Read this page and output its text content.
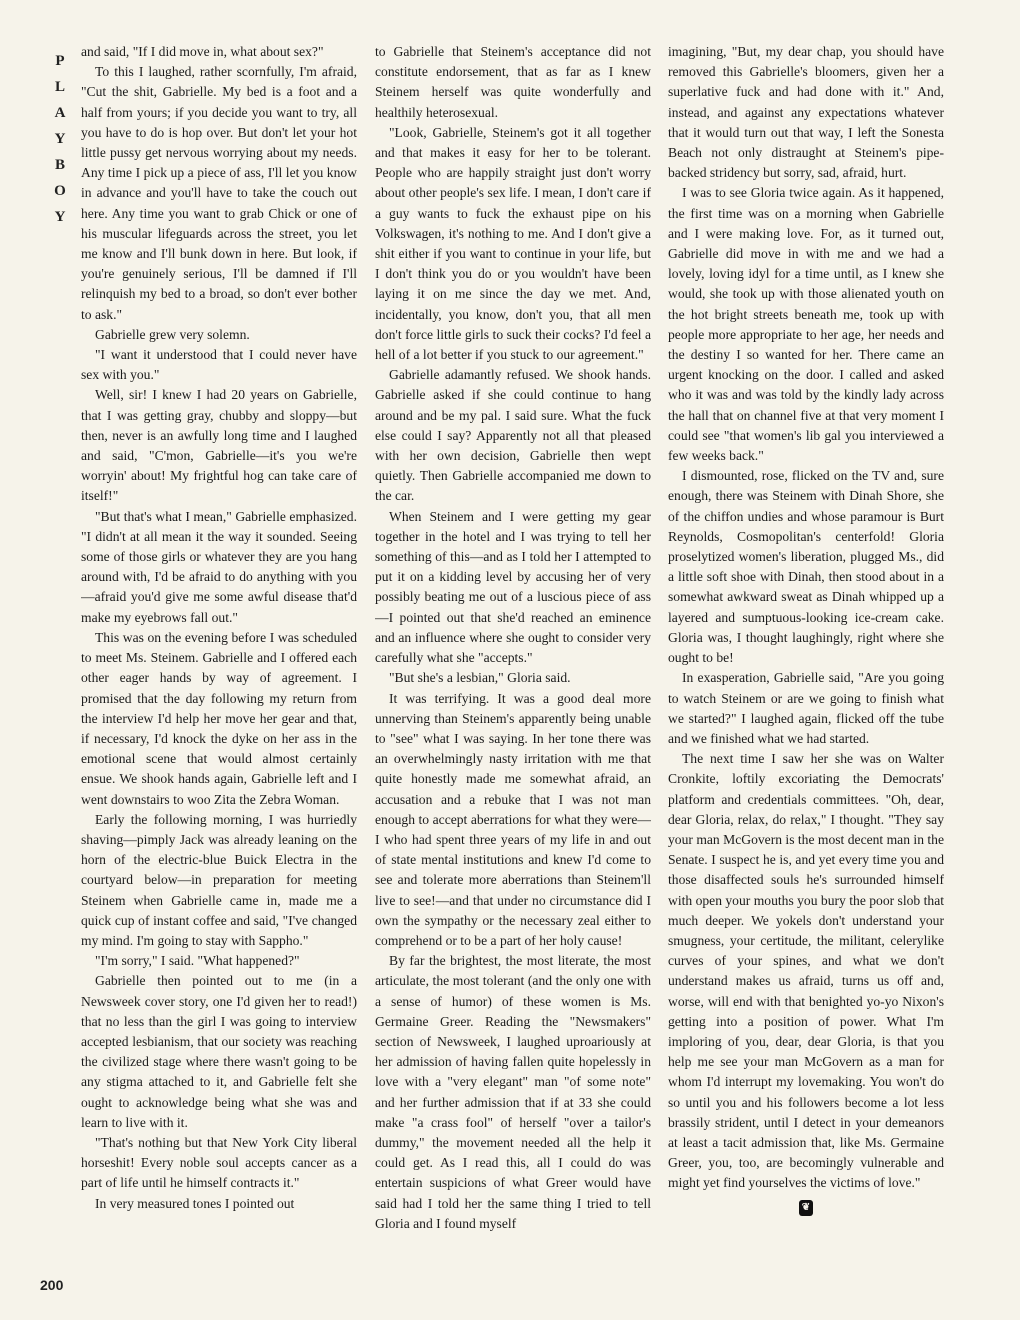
P
L
A
Y
B
O
Y
200

and said, "If I did move in, what about sex?"

To this I laughed, rather scornfully, I'm afraid, "Cut the shit, Gabrielle. My bed is a foot and a half from yours; if you decide you want to try, all you have to do is hop over. But don't let your hot little pussy get nervous worrying about my needs. Any time I pick up a piece of ass, I'll let you know in advance and you'll have to take the couch out here. Any time you want to grab Chick or one of his muscular lifeguards across the street, you let me know and I'll bunk down in here. But look, if you're genuinely serious, I'll be damned if I'll relinquish my bed to a broad, so don't ever bother to ask."

Gabrielle grew very solemn.

"I want it understood that I could never have sex with you."

Well, sir! I knew I had 20 years on Gabrielle, that I was getting gray, chubby and sloppy—but then, never is an awfully long time and I laughed and said, "C'mon, Gabrielle—it's you we're worryin' about! My frightful hog can take care of itself!"

"But that's what I mean," Gabrielle emphasized. "I didn't at all mean it the way it sounded. Seeing some of those girls or whatever they are you hang around with, I'd be afraid to do anything with you—afraid you'd give me some awful disease that'd make my eyebrows fall out."

This was on the evening before I was scheduled to meet Ms. Steinem. Gabrielle and I offered each other eager hands by way of agreement. I promised that the day following my return from the interview I'd help her move her gear and that, if necessary, I'd knock the dyke on her ass in the emotional scene that would almost certainly ensue. We shook hands again, Gabrielle left and I went downstairs to woo Zita the Zebra Woman.

Early the following morning, I was hurriedly shaving—pimply Jack was already leaning on the horn of the electric-blue Buick Electra in the courtyard below—in preparation for meeting Steinem when Gabrielle came in, made me a quick cup of instant coffee and said, "I've changed my mind. I'm going to stay with Sappho."

"I'm sorry," I said. "What happened?"

Gabrielle then pointed out to me (in a Newsweek cover story, one I'd given her to read!) that no less than the girl I was going to interview accepted lesbianism, that our society was reaching the civilized stage where there wasn't going to be any stigma attached to it, and Gabrielle felt she ought to acknowledge being what she was and learn to live with it.

"That's nothing but that New York City liberal horseshit! Every noble soul accepts cancer as a part of life until he himself contracts it."

In very measured tones I pointed out

to Gabrielle that Steinem's acceptance did not constitute endorsement, that as far as I knew Steinem herself was quite wonderfully and healthily heterosexual.

"Look, Gabrielle, Steinem's got it all together and that makes it easy for her to be tolerant. People who are happily straight just don't worry about other people's sex life. I mean, I don't care if a guy wants to fuck the exhaust pipe on his Volkswagen, it's nothing to me. And I don't give a shit either if you want to continue in your life, but I don't think you do or you wouldn't have been laying it on me since the day we met. And, incidentally, you know, don't you, that all men don't force little girls to suck their cocks? I'd feel a hell of a lot better if you stuck to our agreement."

Gabrielle adamantly refused. We shook hands. Gabrielle asked if she could continue to hang around and be my pal. I said sure. What the fuck else could I say? Apparently not all that pleased with her own decision, Gabrielle then wept quietly. Then Gabrielle accompanied me down to the car.

When Steinem and I were getting my gear together in the hotel and I was trying to tell her something of this—and as I told her I attempted to put it on a kidding level by accusing her of very possibly beating me out of a luscious piece of ass—I pointed out that she'd reached an eminence and an influence where she ought to consider very carefully what she "accepts."

"But she's a lesbian," Gloria said.

It was terrifying. It was a good deal more unnerving than Steinem's apparently being unable to "see" what I was saying. In her tone there was an overwhelmingly nasty irritation with me that quite honestly made me somewhat afraid, an accusation and a rebuke that I was not man enough to accept aberrations for what they were—I who had spent three years of my life in and out of state mental institutions and knew I'd come to see and tolerate more aberrations than Steinem'll live to see!—and that under no circumstance did I own the sympathy or the necessary zeal either to comprehend or to be a part of her holy cause!

By far the brightest, the most literate, the most articulate, the most tolerant (and the only one with a sense of humor) of these women is Ms. Germaine Greer. Reading the "Newsmakers" section of Newsweek, I laughed uproariously at her admission of having fallen quite hopelessly in love with a "very elegant" man "of some note" and her further admission that if at 33 she could make "a crass fool" of herself "over a tailor's dummy," the movement needed all the help it could get. As I read this, all I could do was entertain suspicions of what Greer would have said had I told her the same thing I tried to tell Gloria and I found myself

imagining, "But, my dear chap, you should have removed this Gabrielle's bloomers, given her a superlative fuck and had done with it." And, instead, and against any expectations whatever that it would turn out that way, I left the Sonesta Beach not only distraught at Steinem's pipe-backed stridency but sorry, sad, afraid, hurt.

I was to see Gloria twice again. As it happened, the first time was on a morning when Gabrielle and I were making love. For, as it turned out, Gabrielle did move in with me and we had a lovely, loving idyl for a time until, as I knew she would, she took up with those alienated youth on the hot bright streets beneath me, took up with people more appropriate to her age, her needs and the destiny I so wanted for her. There came an urgent knocking on the door. I called and asked who it was and was told by the kindly lady across the hall that on channel five at that very moment I could see "that women's lib gal you interviewed a few weeks back."

I dismounted, rose, flicked on the TV and, sure enough, there was Steinem with Dinah Shore, she of the chiffon undies and whose paramour is Burt Reynolds, Cosmopolitan's centerfold! Gloria proselytized women's liberation, plugged Ms., did a little soft shoe with Dinah, then stood about in a somewhat awkward sweat as Dinah whipped up a layered and sumptuous-looking ice-cream cake. Gloria was, I thought laughingly, right where she ought to be!

In exasperation, Gabrielle said, "Are you going to watch Steinem or are we going to finish what we started?" I laughed again, flicked off the tube and we finished what we had started.

The next time I saw her she was on Walter Cronkite, loftily excoriating the Democrats' platform and credentials committees. "Oh, dear, dear Gloria, relax, do relax," I thought. "They say your man McGovern is the most decent man in the Senate. I suspect he is, and yet every time you and those disaffected souls he's surrounded himself with open your mouths you bury the poor slob that much deeper. We yokels don't understand your smugness, your certitude, the militant, celerylike curves of your spines, and what we don't understand makes us afraid, turns us off and, worse, will end with that benighted yo-yo Nixon's getting into a position of power. What I'm imploring of you, dear, dear Gloria, is that you help me see your man McGovern as a man for whom I'd interrupt my lovemaking. You won't do so until you and his followers become a lot less brassily strident, until I detect in your demeanors at least a tacit admission that, like Ms. Germaine Greer, you, too, are becomingly vulnerable and might yet find yourselves the victims of love."

❦
